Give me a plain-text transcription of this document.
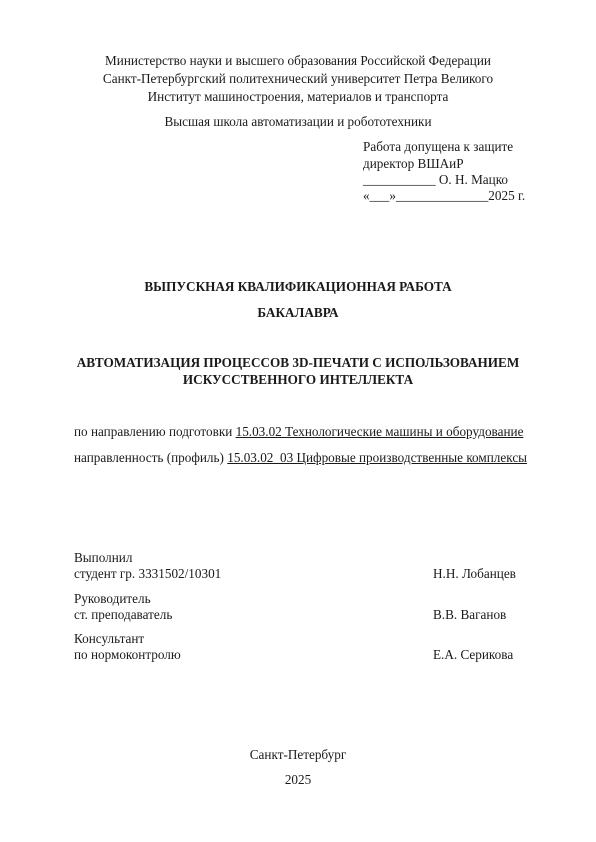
Министерство науки и высшего образования Российской Федерации
Санкт-Петербургский политехнический университет Петра Великого
Институт машиностроения, материалов и транспорта
Высшая школа автоматизации и робототехники
Работа допущена к защите
директор ВШАиР
___________ О. Н. Мацко
«___»______________2025 г.
ВЫПУСКНАЯ КВАЛИФИКАЦИОННАЯ РАБОТА
БАКАЛАВРА
АВТОМАТИЗАЦИЯ ПРОЦЕССОВ 3D-ПЕЧАТИ С ИСПОЛЬЗОВАНИЕМ
ИСКУССТВЕННОГО ИНТЕЛЛЕКТА
по направлению подготовки 15.03.02 Технологические машины и оборудование
направленность (профиль) 15.03.02_03 Цифровые производственные комплексы
Выполнил
студент гр. 3331502/10301	Н.Н. Лобанцев
Руководитель
ст. преподаватель	В.В. Ваганов
Консультант
по нормоконтролю	Е.А. Серикова
Санкт-Петербург
2025
